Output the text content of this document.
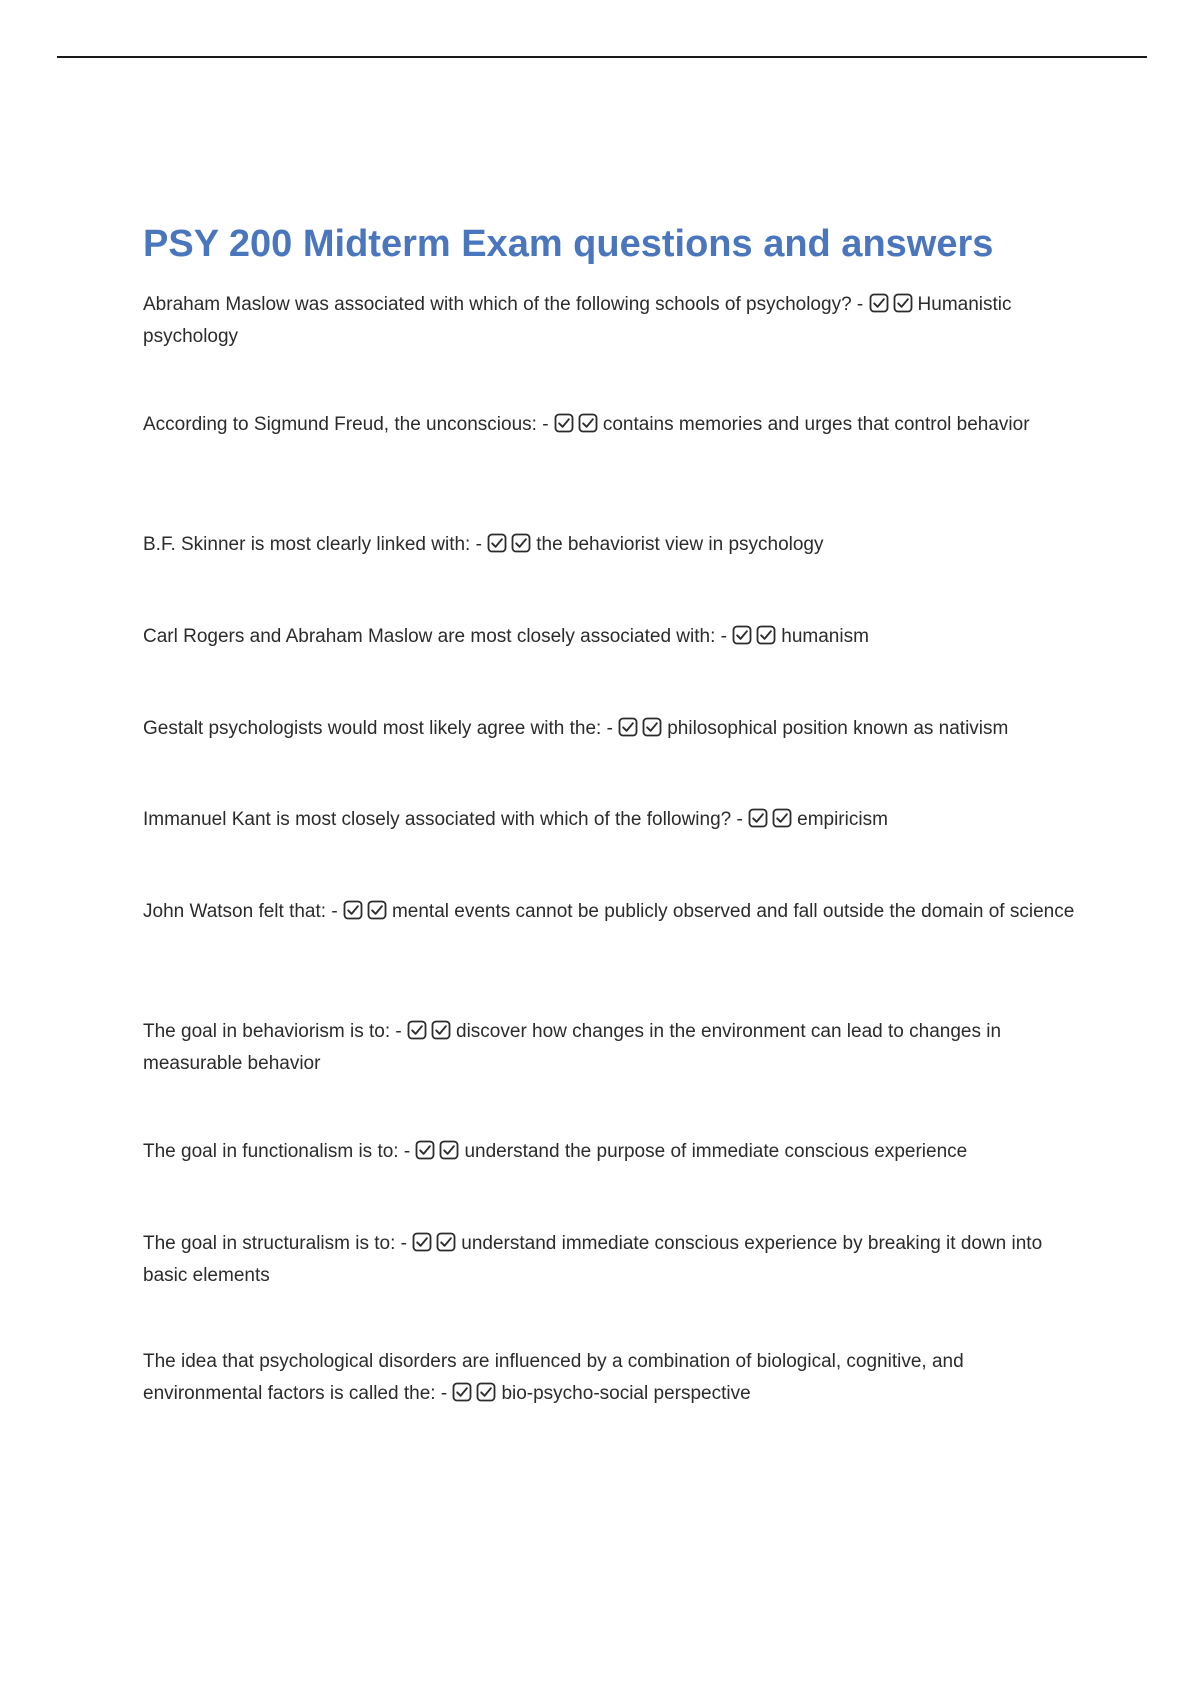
PSY 200 Midterm Exam questions and answers

Abraham Maslow was associated with which of the following schools of psychology? -	Humanistic psychology

According to Sigmund Freud, the unconscious: -	contains memories and urges that control behavior

B.F. Skinner is most clearly linked with: -	the behaviorist view in psychology

Carl Rogers and Abraham Maslow are most closely associated with: -	humanism

Gestalt psychologists would most likely agree with the: -	philosophical position known as nativism

Immanuel Kant is most closely associated with which of the following? -	empiricism

John Watson felt that: -	mental events cannot be publicly observed and fall outside the domain of science

The goal in behaviorism is to: -	discover how changes in the environment can lead to changes in measurable behavior

The goal in functionalism is to: -	understand the purpose of immediate conscious experience

The goal in structuralism is to: -	understand immediate conscious experience by breaking it down into basic elements

The idea that psychological disorders are influenced by a combination of biological, cognitive, and environmental factors is called the: -	bio-psycho-social perspective
